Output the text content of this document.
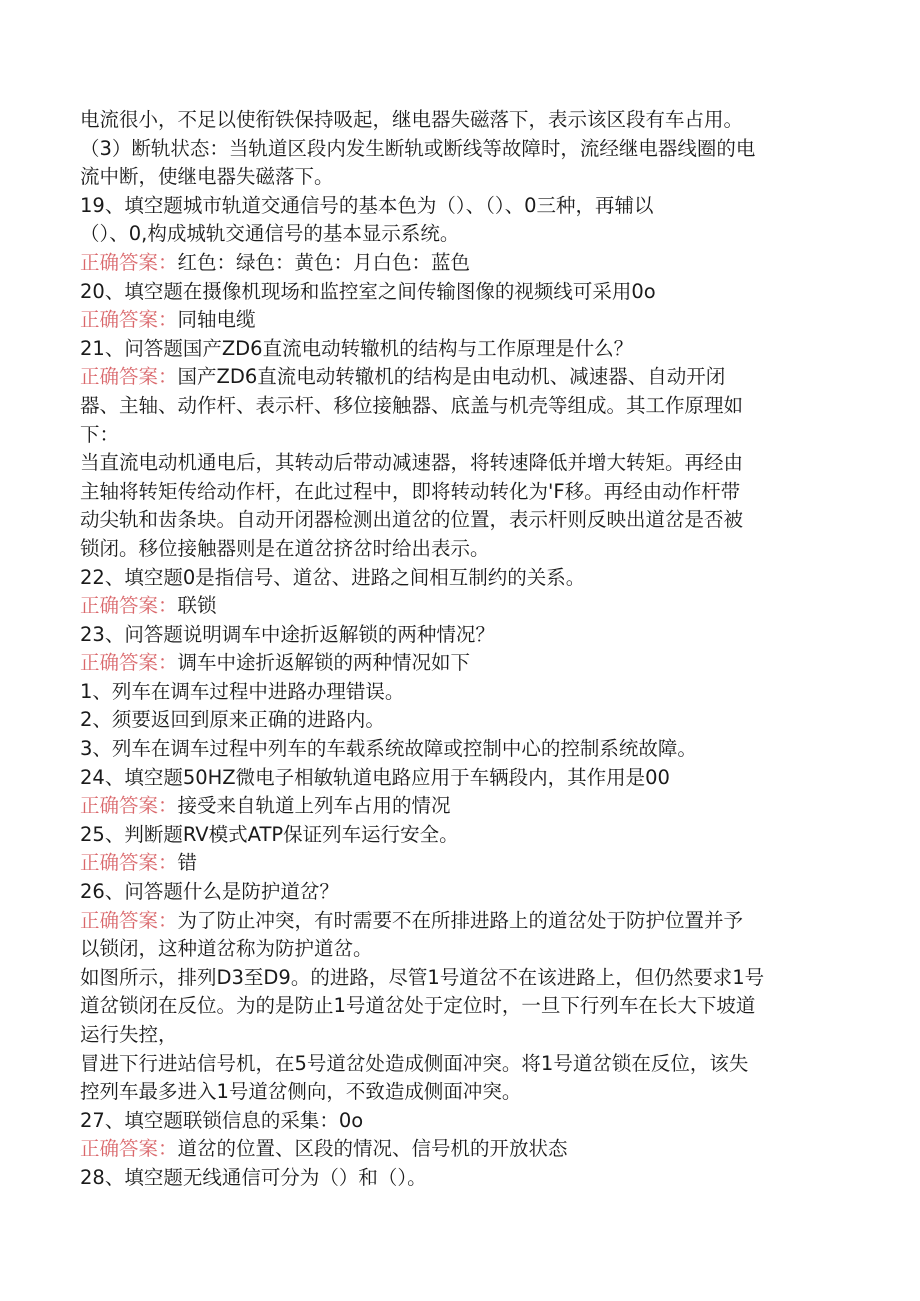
电流很小，不足以使衔铁保持吸起，继电器失磁落下，表示该区段有车占用。
（3）断轨状态：当轨道区段内发生断轨或断线等故障时，流经继电器线圈的电
流中断，使继电器失磁落下。
19、填空题城市轨道交通信号的基本色为（）、（）、0三种，再辅以
（）、0,构成城轨交通信号的基本显示系统。
正确答案：红色：绿色：黄色：月白色：蓝色
20、填空题在摄像机现场和监控室之间传输图像的视频线可采用0o
正确答案：同轴电缆
21、问答题国产ZD6直流电动转辙机的结构与工作原理是什么？
正确答案：国产ZD6直流电动转辙机的结构是由电动机、减速器、自动开闭
器、主轴、动作杆、表示杆、移位接触器、底盖与机壳等组成。其工作原理如
下：
当直流电动机通电后，其转动后带动减速器，将转速降低并增大转矩。再经由
主轴将转矩传给动作杆，在此过程中，即将转动转化为'F移。再经由动作杆带
动尖轨和齿条块。自动开闭器检测出道岔的位置，表示杆则反映出道岔是否被
锁闭。移位接触器则是在道岔挤岔时给出表示。
22、填空题0是指信号、道岔、进路之间相互制约的关系。
正确答案：联锁
23、问答题说明调车中途折返解锁的两种情况？
正确答案：调车中途折返解锁的两种情况如下
1、列车在调车过程中进路办理错误。
2、须要返回到原来正确的进路内。
3、列车在调车过程中列车的车载系统故障或控制中心的控制系统故障。
24、填空题50HZ微电子相敏轨道电路应用于车辆段内，其作用是00
正确答案：接受来自轨道上列车占用的情况
25、判断题RV模式ATP保证列车运行安全。
正确答案：错
26、问答题什么是防护道岔？
正确答案：为了防止冲突，有时需要不在所排进路上的道岔处于防护位置并予
以锁闭，这种道岔称为防护道岔。
如图所示，排列D3至D9。的进路，尽管1号道岔不在该进路上，但仍然要求1号
道岔锁闭在反位。为的是防止1号道岔处于定位时，一旦下行列车在长大下坡道
运行失控，
冒进下行进站信号机，在5号道岔处造成侧面冲突。将1号道岔锁在反位，该失
控列车最多进入1号道岔侧向，不致造成侧面冲突。
27、填空题联锁信息的采集：0o
正确答案：道岔的位置、区段的情况、信号机的开放状态
28、填空题无线通信可分为（）和（）。
